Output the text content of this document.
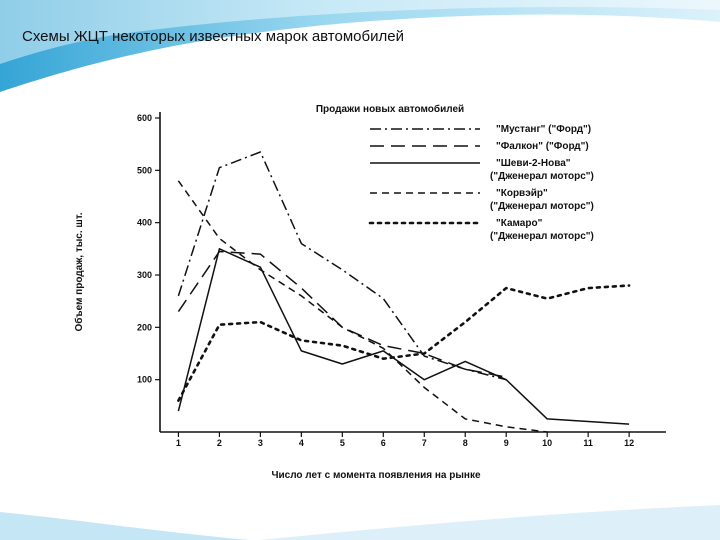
Схемы ЖЦТ некоторых известных марок автомобилей
Продажи новых автомобилей
100
200
300
400
500
600
1	2	3	4	5	6	7	8	9	10	11	12
"Мустанг" ("Форд")
"Фалкон" ("Форд")
"Шеви-2-Нова"
("Дженерал моторс")
"Корвэйр"
("Дженерал моторс")
"Камаро"
("Дженерал моторс")
Число лет с момента появления на рынке
Объем продаж, тыс. шт.
